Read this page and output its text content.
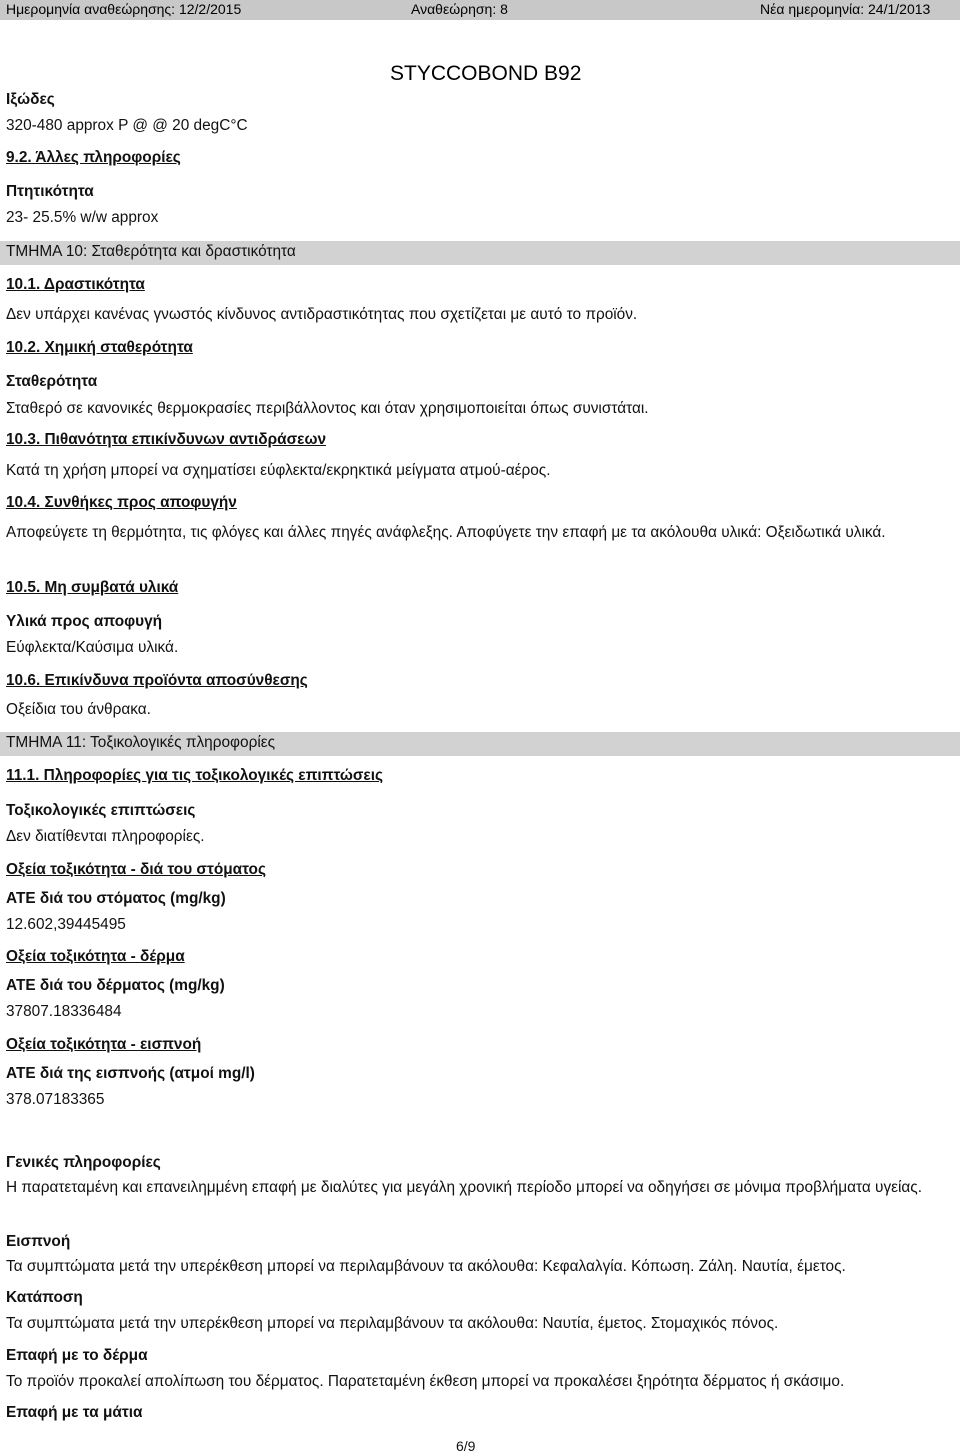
Ημερομηνία αναθεώρησης: 12/2/2015	Αναθεώρηση: 8	Νέα ημερομηνία: 24/1/2013
STYCCOBOND B92
Ιξώδες
320-480 approx P @ @ 20 degC°C
9.2. Άλλες πληροφορίες
Πτητικότητα
23- 25.5% w/w approx
ΤΜΗΜΑ 10: Σταθερότητα και δραστικότητα
10.1. Δραστικότητα
Δεν υπάρχει κανένας γνωστός κίνδυνος αντιδραστικότητας που σχετίζεται με αυτό το προϊόν.
10.2. Χημική σταθερότητα
Σταθερότητα
Σταθερό σε κανονικές θερμοκρασίες περιβάλλοντος και όταν χρησιμοποιείται όπως συνιστάται.
10.3. Πιθανότητα επικίνδυνων αντιδράσεων
Κατά τη χρήση μπορεί να σχηματίσει εύφλεκτα/εκρηκτικά μείγματα ατμού-αέρος.
10.4. Συνθήκες προς αποφυγήν
Αποφεύγετε τη θερμότητα, τις φλόγες και άλλες πηγές ανάφλεξης. Αποφύγετε την επαφή με τα ακόλουθα υλικά: Οξειδωτικά υλικά.
10.5. Μη συμβατά υλικά
Υλικά προς αποφυγή
Εύφλεκτα/Καύσιμα υλικά.
10.6. Επικίνδυνα προϊόντα αποσύνθεσης
Οξείδια του άνθρακα.
ΤΜΗΜΑ 11: Τοξικολογικές πληροφορίες
11.1. Πληροφορίες για τις τοξικολογικές επιπτώσεις
Τοξικολογικές επιπτώσεις
Δεν διατίθενται πληροφορίες.
Οξεία τοξικότητα - διά του στόματος
ATE διά του στόματος (mg/kg)
12.602,39445495
Οξεία τοξικότητα - δέρμα
ATE διά του δέρματος (mg/kg)
37807.18336484
Οξεία τοξικότητα - εισπνοή
ATE διά της εισπνοής (ατμοί mg/l)
378.07183365
Γενικές πληροφορίες
Η παρατεταμένη και επανειλημμένη επαφή με διαλύτες για μεγάλη χρονική περίοδο μπορεί να οδηγήσει σε μόνιμα προβλήματα υγείας.
Εισπνοή
Τα συμπτώματα μετά την υπερέκθεση μπορεί να περιλαμβάνουν τα ακόλουθα: Κεφαλαλγία. Κόπωση. Ζάλη. Ναυτία, έμετος.
Κατάποση
Τα συμπτώματα μετά την υπερέκθεση μπορεί να περιλαμβάνουν τα ακόλουθα: Ναυτία, έμετος. Στομαχικός πόνος.
Επαφή με το δέρμα
Το προϊόν προκαλεί απολίπωση του δέρματος. Παρατεταμένη έκθεση μπορεί να προκαλέσει ξηρότητα δέρματος ή σκάσιμο.
Επαφή με τα μάτια
6/9
